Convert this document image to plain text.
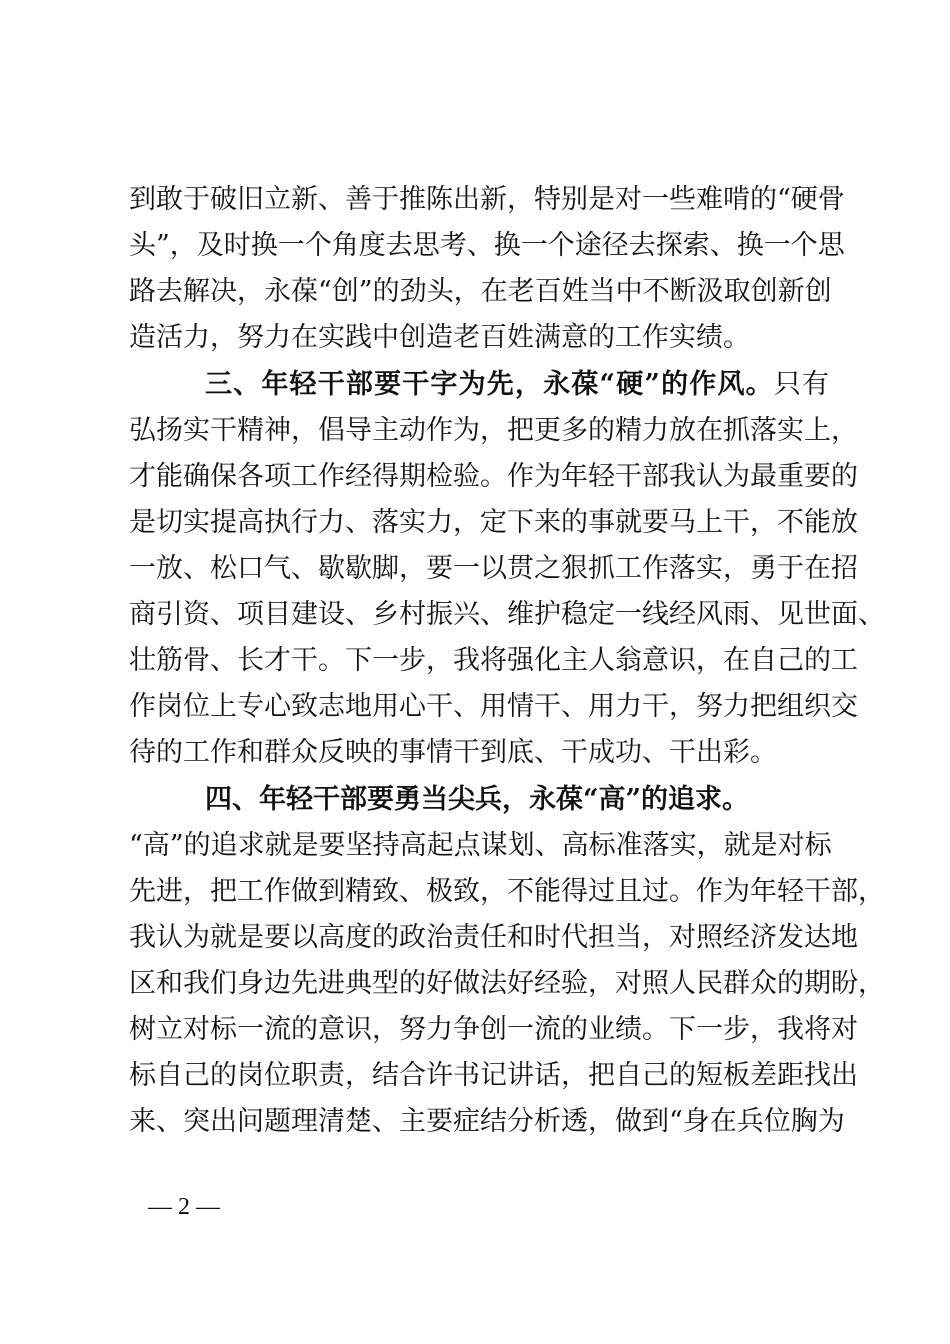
到敢于破旧立新、善于推陈出新，特别是对一些难啃的“硬骨
头”，及时换一个角度去思考、换一个途径去探索、换一个思
路去解决，永葆“创”的劲头，在老百姓当中不断汲取创新创
造活力，努力在实践中创造老百姓满意的工作实绩。
三、年轻干部要干字为先，永葆“硬”的作风。只有
弘扬实干精神，倡导主动作为，把更多的精力放在抓落实上，
才能确保各项工作经得期检验。作为年轻干部我认为最重要的
是切实提高执行力、落实力，定下来的事就要马上干，不能放
一放、松口气、歇歇脚，要一以贯之狠抓工作落实，勇于在招
商引资、项目建设、乡村振兴、维护稳定一线经风雨、见世面、
壮筋骨、长才干。下一步，我将强化主人翁意识，在自己的工
作岗位上专心致志地用心干、用情干、用力干，努力把组织交
待的工作和群众反映的事情干到底、干成功、干出彩。
四、年轻干部要勇当尖兵，永葆“高”的追求。
“高”的追求就是要坚持高起点谋划、高标准落实，就是对标
先进，把工作做到精致、极致，不能得过且过。作为年轻干部，
我认为就是要以高度的政治责任和时代担当，对照经济发达地
区和我们身边先进典型的好做法好经验，对照人民群众的期盼，
树立对标一流的意识，努力争创一流的业绩。下一步，我将对
标自己的岗位职责，结合许书记讲话，把自己的短板差距找出
来、突出问题理清楚、主要症结分析透，做到“身在兵位胸为
— 2 —
